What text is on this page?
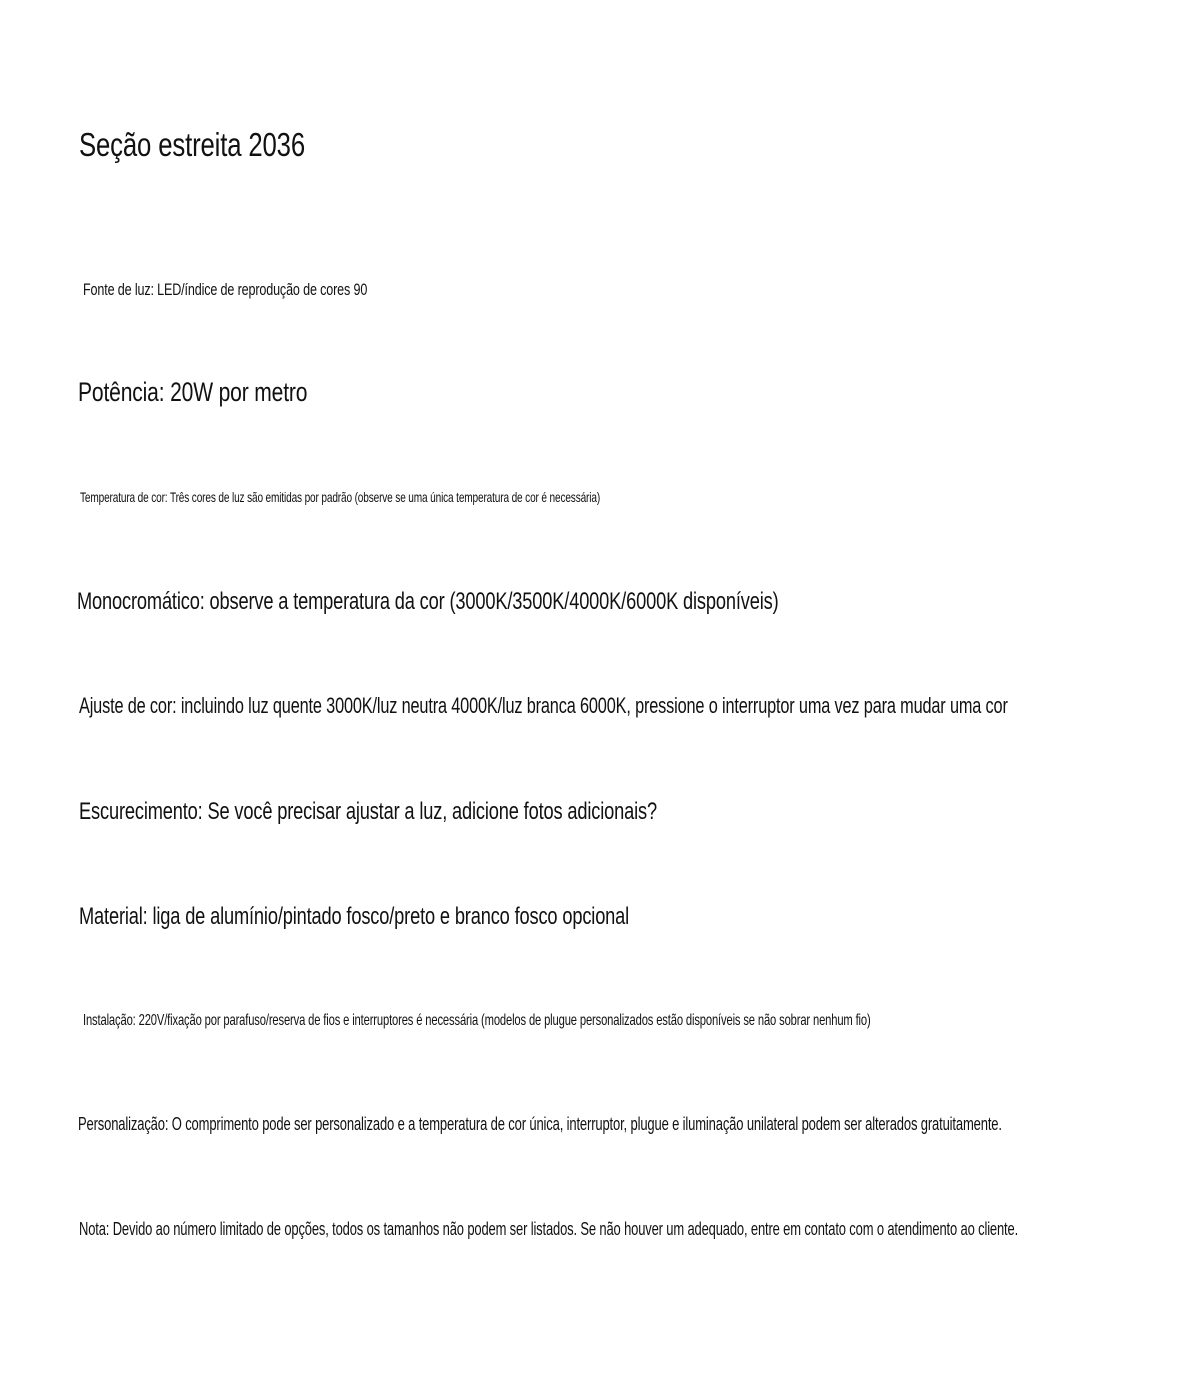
Seção estreita 2036
Fonte de luz: LED/índice de reprodução de cores 90
Potência: 20W por metro
Temperatura de cor: Três cores de luz são emitidas por padrão (observe se uma única temperatura de cor é necessária)
Monocromático: observe a temperatura da cor (3000K/3500K/4000K/6000K disponíveis)
Ajuste de cor: incluindo luz quente 3000K/luz neutra 4000K/luz branca 6000K, pressione o interruptor uma vez para mudar uma cor
Escurecimento: Se você precisar ajustar a luz, adicione fotos adicionais?
Material: liga de alumínio/pintado fosco/preto e branco fosco opcional
Instalação: 220V/fixação por parafuso/reserva de fios e interruptores é necessária (modelos de plugue personalizados estão disponíveis se não sobrar nenhum fio)
Personalização: O comprimento pode ser personalizado e a temperatura de cor única, interruptor, plugue e iluminação unilateral podem ser alterados gratuitamente.
Nota: Devido ao número limitado de opções, todos os tamanhos não podem ser listados. Se não houver um adequado, entre em contato com o atendimento ao cliente.
